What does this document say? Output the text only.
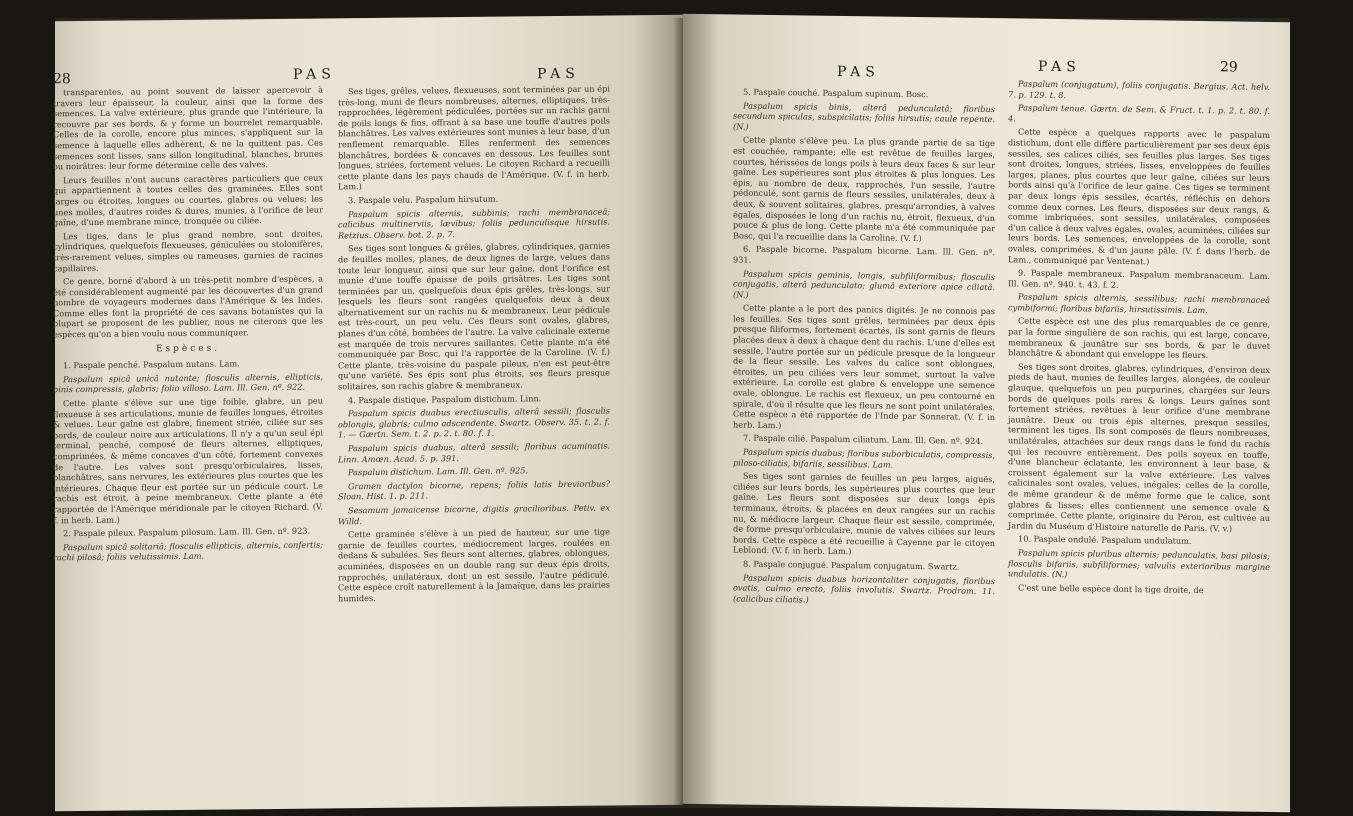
28	PAS	PAS

transparentes, au point souvent de laisser apercevoir à travers leur épaisseur, la couleur, ainsi que la forme des semences. La valve extérieure, plus grande que l'intérieure, la recouvre par ses bords, & y forme un bourrelet remarquable. Celles de la corolle, encore plus minces, s'appliquent sur la semence à laquelle elles adhèrent, & ne la quittent pas. Ces semences sont lisses, sans sillon longitudinal, blanches, brunes ou noirâtres: leur forme détermine celle des valves.

Leurs feuilles n'ont aucuns caractères particuliers que ceux qui appartiennent à toutes celles des graminées. Elles sont larges ou étroites, longues ou courtes, glabres ou velues; les unes molles, d'autres roides & dures, munies, à l'orifice de leur gaîne, d'une membrane mince, tronquée ou ciliée.

Les tiges, dans le plus grand nombre, sont droites, cylindriques, quelquefois flexueuses, géniculées ou stolonifères, très-rarement velues, simples ou rameuses, garnies de racines capillaires.

Ce genre, borné d'abord à un très-petit nombre d'espèces, a été considérablement augmenté par les découvertes d'un grand nombre de voyageurs modernes dans l'Amérique & les Indes. Comme elles font la propriété de ces savans botanistes qui la plupart se proposent de les publier, nous ne citerons que les espèces qu'on a bien voulu nous communiquer.

Espèces.

1. Paspale penché. Paspalum nutans. Lam.

Paspalum spicâ unicâ nutante; flosculis alternis, ellipticis, binis compressis, glabris; folio villoso. Lam. Ill. Gen. nº. 922.

Cette plante s'élève sur une tige foible, glabre, un peu flexueuse à ses articulations, munie de feuilles longues, étroites & velues. Leur gaîne est glabre, finement striée, ciliée sur ses bords, de couleur noire aux articulations. Il n'y a qu'un seul épi terminal, penché, composé de fleurs alternes, elliptiques, comprimées, & même concaves d'un côté, fortement convexes de l'autre. Les valves sont presqu'orbiculaires, lisses, blanchâtres, sans nervures, les extérieures plus courtes que les intérieures. Chaque fleur est portée sur un pédicule court. Le rachis est étroit, à peine membraneux. Cette plante a été rapportée de l'Amérique méridionale par le citoyen Richard. (V. f. in herb. Lam.)

2. Paspale pileux. Paspalum pilosum. Lam. Ill. Gen. nº. 923.

Paspalum spicâ solitariâ; flosculis ellipticis, alternis, confertis; rachi pilosâ; foliis velutissimis. Lam.

Ses tiges, grêles, velues, flexueuses, sont terminées par un épi très-long, muni de fleurs nombreuses, alternes, elliptiques, très-rapprochées, légèrement pédiculées, portées sur un rachis garni de poils longs & fins, offrant à sa base une touffe d'autres poils blanchâtres. Les valves extérieures sont munies à leur base, d'un renflement remarquable. Elles renferment des semences blanchâtres, bordées & concaves en dessous. Les feuilles sont longues, striées, fortement velues. Le citoyen Richard a recueilli cette plante dans les pays chauds de l'Amérique. (V. f. in herb. Lam.)

3. Paspale velu. Paspalum hirsutum.

Paspalum spicis alternis, subbinis; rachi membranaceâ; calicibus multinerviis, lævibus; foliis pedunculisque hirsutis. Retzius. Observ. bot. 2. p. 7.

Ses tiges sont longues & grêles, glabres, cylindriques, garnies de feuilles molles, planes, de deux lignes de large, velues dans toute leur longueur, ainsi que sur leur gaîne, dont l'orifice est munie d'une touffe épaisse de poils grisâtres. Les tiges sont terminées par un, quelquefois deux épis grêles, très-longs, sur lesquels les fleurs sont rangées quelquefois deux à deux alternativement sur un rachis nu & membraneux. Leur pédicule est très-court, un peu velu. Ces fleurs sont ovales, glabres, planes d'un côté, bombées de l'autre. La valve calicinale externe est marquée de trois nervures saillantes. Cette plante m'a été communiquée par Bosc, qui l'a rapportée de la Caroline. (V. f.) Cette plante, très-voisine du paspale pileux, n'en est peut-être qu'une variété. Ses épis sont plus étroits, ses fleurs presque solitaires, son rachis glabre & membraneux.

4. Paspale distique. Paspalum distichum. Linn.

Paspalum spicis duabus erectiusculis, alterâ sessili; flosculis oblongis, glabris; culmo adscendente. Swartz. Observ. 35. t. 2. f. 1. — Gærtn. Sem. t. 2. p. 2. t. 80. f. 1.

Paspalum spicis duabus, alterâ sessili; floribus acuminatis. Linn. Amœn. Acad. 5. p. 391.

Paspalum distichum. Lam. Ill. Gen. nº. 925.

Gramen dactylon bicorne, repens; foliis latis brevioribus? Sloan. Hist. 1. p. 211.

Sesamum jamaicense bicorne, digitis gracilioribus. Petiv. ex Willd.

Cette graminée s'élève à un pied de hauteur, sur une tige garnie de feuilles courtes, médiocrement larges, roulées en dedans & subulées. Ses fleurs sont alternes, glabres, oblongues, acuminées, disposées en un double rang sur deux épis droits, rapprochés, unilatéraux, dont un est sessile, l'autre pédiculé. Cette espèce croît naturellement à la Jamaïque, dans les prairies humides.

PAS	PAS	29

5. Paspale couché. Paspalum supinum. Bosc.

Paspalum spicis binis, alterâ pedunculatâ; floribus secundum spiculas, subspicilatis; foliis hirsutis; caule repente. (N.)

Cette plante s'élève peu. La plus grande partie de sa tige est couchée, rampante; elle est revêtue de feuilles larges, courtes, hérissées de longs poils à leurs deux faces & sur leur gaîne. Les supérieures sont plus étroites & plus longues. Les épis, au nombre de deux, rapprochés, l'un sessile, l'autre pédonculé, sont garnis de fleurs sessiles, unilatérales, deux à deux, & souvent solitaires, glabres, presqu'arrondies, à valves égales, disposées le long d'un rachis nu, étroit, flexueux, d'un pouce & plus de long. Cette plante m'a été communiquée par Bosc, qui l'a recueillie dans la Caroline. (V. f.)

6. Paspale bicorne. Paspalum bicorne. Lam. Ill. Gen. nº. 931.

Paspalum spicis geminis, longis, subfiliformibus; flosculis conjugatis, alterâ pedunculato; glumâ exteriore apice ciliatâ. (N.)

Cette plante a le port des panics digités. Je ne connois pas les feuilles. Ses tiges sont grêles, terminées par deux épis presque filiformes, fortement écartés, ils sont garnis de fleurs placées deux à deux à chaque dent du rachis. L'une d'elles est sessile, l'autre portée sur un pédicule presque de la longueur de la fleur sessile. Les valves du calice sont oblongues, étroites, un peu ciliées vers leur sommet, surtout la valve extérieure. La corolle est glabre & enveloppe une semence ovale, oblongue. Le rachis est flexueux, un peu contourné en spirale, d'où il résulte que les fleurs ne sont point unilatérales. Cette espèce a été rapportée de l'Inde par Sonnerat. (V. f. in herb. Lam.)

7. Paspale cilié. Paspalum ciliatum. Lam. Ill. Gen. nº. 924.

Paspalum spicis duabus; floribus suborbiculatis, compressis, piloso-ciliatis, bifariis, sessilibus. Lam.

Ses tiges sont garnies de feuilles un peu larges, aiguës, ciliées sur leurs bords, les supérieures plus courtes que leur gaîne. Les fleurs sont disposées sur deux longs épis terminaux, étroits, & placées en deux rangées sur un rachis nu, & médiocre largeur. Chaque fleur est sessile, comprimée, de forme presqu'orbiculaire, munie de valves ciliées sur leurs bords. Cette espèce a été recueillie à Cayenne par le citoyen Leblond. (V. f. in herb. Lam.)

8. Paspale conjugué. Paspalum conjugatum. Swartz.

Paspalum spicis duabus horizontaliter conjugatis, floribus ovatis, culmo erecto, foliis involutis. Swartz. Prodrom. 11. (calicibus ciliatis.)

Paspalum (conjugatum), foliis conjugatis. Bergius. Act. helv. 7. p. 129. t. 8.

Paspalum tenue. Gærtn. de Sem. & Fruct. t. 1. p. 2. t. 80. f. 4.

Cette espèce a quelques rapports avec le paspalum distichum, dont elle diffère particulièrement par ses deux épis sessiles, ses calices ciliés, ses feuilles plus larges. Ses tiges sont droites, longues, striées, lisses, enveloppées de feuilles larges, planes, plus courtes que leur gaîne, ciliées sur leurs bords ainsi qu'à l'orifice de leur gaîne. Ces tiges se terminent par deux longs épis sessiles, écartés, réfléchis en dehors comme deux cornes. Les fleurs, disposées sur deux rangs, & comme imbriquées, sont sessiles, unilatérales, composées d'un calice à deux valves égales, ovales, acuminées, ciliées sur leurs bords. Les semences, enveloppées de la corolle, sont ovales, comprimées, & d'un jaune pâle. (V. f. dans l'herb. de Lam., communiqué par Ventenat.)

9. Paspale membraneux. Paspalum membranaceum. Lam. Ill. Gen. nº. 940. t. 43. f. 2.

Paspalum spicis alternis, sessilibus; rachi membranaceâ cymbiformi; floribus bifariis, hirsutissimis. Lam.

Cette espèce est une des plus remarquables de ce genre, par la forme singulière de son rachis, qui est large, concave, membraneux & jaunâtre sur ses bords, & par le duvet blanchâtre & abondant qui enveloppe les fleurs.

Ses tiges sont droites, glabres, cylindriques, d'environ deux pieds de haut, munies de feuilles larges, alongées, de couleur glauque, quelquefois un peu purpurines, chargées sur leurs bords de quelques poils rares & longs. Leurs gaînes sont fortement striées, revêtues à leur orifice d'une membrane jaunâtre. Deux ou trois épis alternes, presque sessiles, terminent les tiges. Ils sont composés de fleurs nombreuses, unilatérales, attachées sur deux rangs dans le fond du rachis qui les recouvre entièrement. Des poils soyeux en touffe, d'une blancheur éclatante, les environnent à leur base, & croissent également sur la valve extérieure. Les valves calicinales sont ovales, velues, inégales; celles de la corolle, de même grandeur & de même forme que le calice, sont glabres & lisses; elles contiennent une semence ovale & comprimée. Cette plante, originaire du Pérou, est cultivée au Jardin du Muséum d'Histoire naturelle de Paris. (V. v.)

10. Paspale ondulé. Paspalum undulatum.

Paspalum spicis pluribus alternis; pedunculatis, basi pilosis; flosculis bifariis, subfiliformes; valvulis exterioribus margine undulatis. (N.)

C'est une belle espèce dont la tige droite, de
